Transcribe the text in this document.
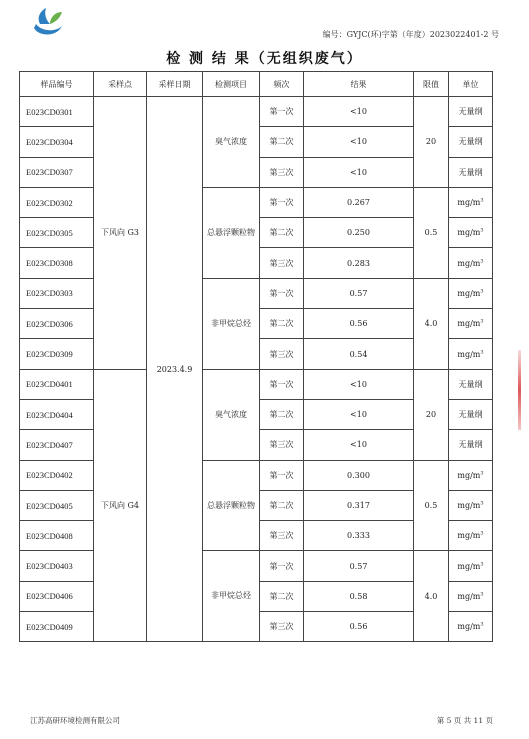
编号：GYJC(环)字第（年度）2023022401-2 号
检 测 结 果（无组织废气）
样品编号	采样点	采样日期	检测项目	频次	结果	限值	单位
E023CD0301	下风向 G3	2023.4.9	臭气浓度	第一次	<10	20	无量纲
E023CD0304				第二次	<10		无量纲
E023CD0307				第三次	<10		无量纲
E023CD0302			总悬浮颗粒物	第一次	0.267	0.5	$mg/m^3$
E023CD0305				第二次	0.250		$mg/m^3$
E023CD0308				第三次	0.283		$mg/m^3$
E023CD0303			非甲烷总烃	第一次	0.57	4.0	$mg/m^3$
E023CD0306				第二次	0.56		$mg/m^3$
E023CD0309				第三次	0.54		$mg/m^3$
E023CD0401	下风向 G4		臭气浓度	第一次	<10	20	无量纲
E023CD0404				第二次	<10		无量纲
E023CD0407				第三次	<10		无量纲
E023CD0402			总悬浮颗粒物	第一次	0.300	0.5	$mg/m^3$
E023CD0405				第二次	0.317		$mg/m^3$
E023CD0408				第三次	0.333		$mg/m^3$
E023CD0403			非甲烷总烃	第一次	0.57	4.0	$mg/m^3$
E023CD0406				第二次	0.58		$mg/m^3$
E023CD0409				第三次	0.56		$mg/m^3$
江苏高研环境检测有限公司	第 5 页 共 11 页
